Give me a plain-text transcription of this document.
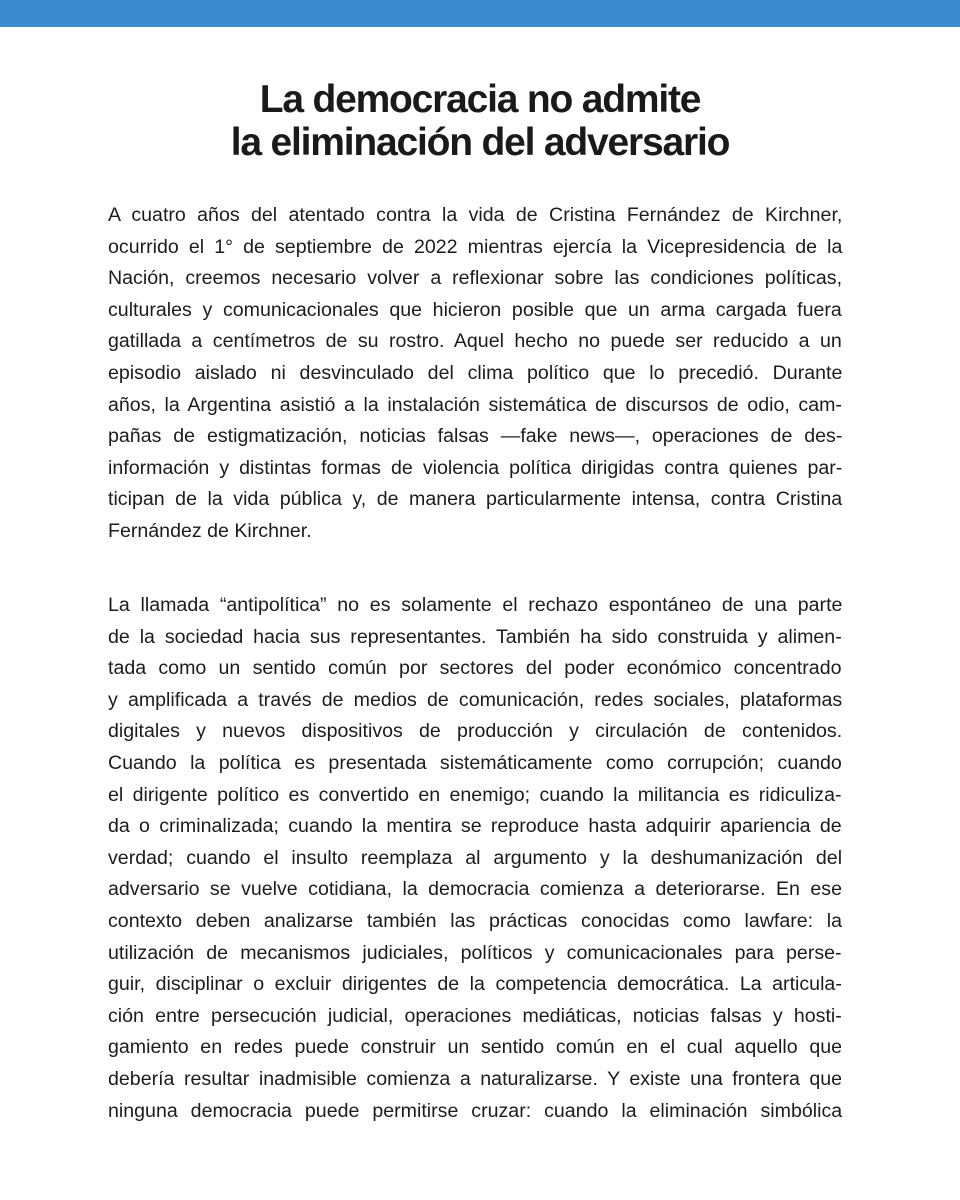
La democracia no admite
la eliminación del adversario
A cuatro años del atentado contra la vida de Cristina Fernández de Kirchner,
ocurrido el 1° de septiembre de 2022 mientras ejercía la Vicepresidencia de la
Nación, creemos necesario volver a reflexionar sobre las condiciones políticas,
culturales y comunicacionales que hicieron posible que un arma cargada fuera
gatillada a centímetros de su rostro. Aquel hecho no puede ser reducido a un
episodio aislado ni desvinculado del clima político que lo precedió. Durante
años, la Argentina asistió a la instalación sistemática de discursos de odio, cam-
pañas de estigmatización, noticias falsas —fake news—, operaciones de des-
información y distintas formas de violencia política dirigidas contra quienes par-
ticipan de la vida pública y, de manera particularmente intensa, contra Cristina
Fernández de Kirchner.
La llamada “antipolítica” no es solamente el rechazo espontáneo de una parte
de la sociedad hacia sus representantes. También ha sido construida y alimen-
tada como un sentido común por sectores del poder económico concentrado
y amplificada a través de medios de comunicación, redes sociales, plataformas
digitales y nuevos dispositivos de producción y circulación de contenidos.
Cuando la política es presentada sistemáticamente como corrupción; cuando
el dirigente político es convertido en enemigo; cuando la militancia es ridiculiza-
da o criminalizada; cuando la mentira se reproduce hasta adquirir apariencia de
verdad; cuando el insulto reemplaza al argumento y la deshumanización del
adversario se vuelve cotidiana, la democracia comienza a deteriorarse. En ese
contexto deben analizarse también las prácticas conocidas como lawfare: la
utilización de mecanismos judiciales, políticos y comunicacionales para perse-
guir, disciplinar o excluir dirigentes de la competencia democrática. La articula-
ción entre persecución judicial, operaciones mediáticas, noticias falsas y hosti-
gamiento en redes puede construir un sentido común en el cual aquello que
debería resultar inadmisible comienza a naturalizarse. Y existe una frontera que
ninguna democracia puede permitirse cruzar: cuando la eliminación simbólica
